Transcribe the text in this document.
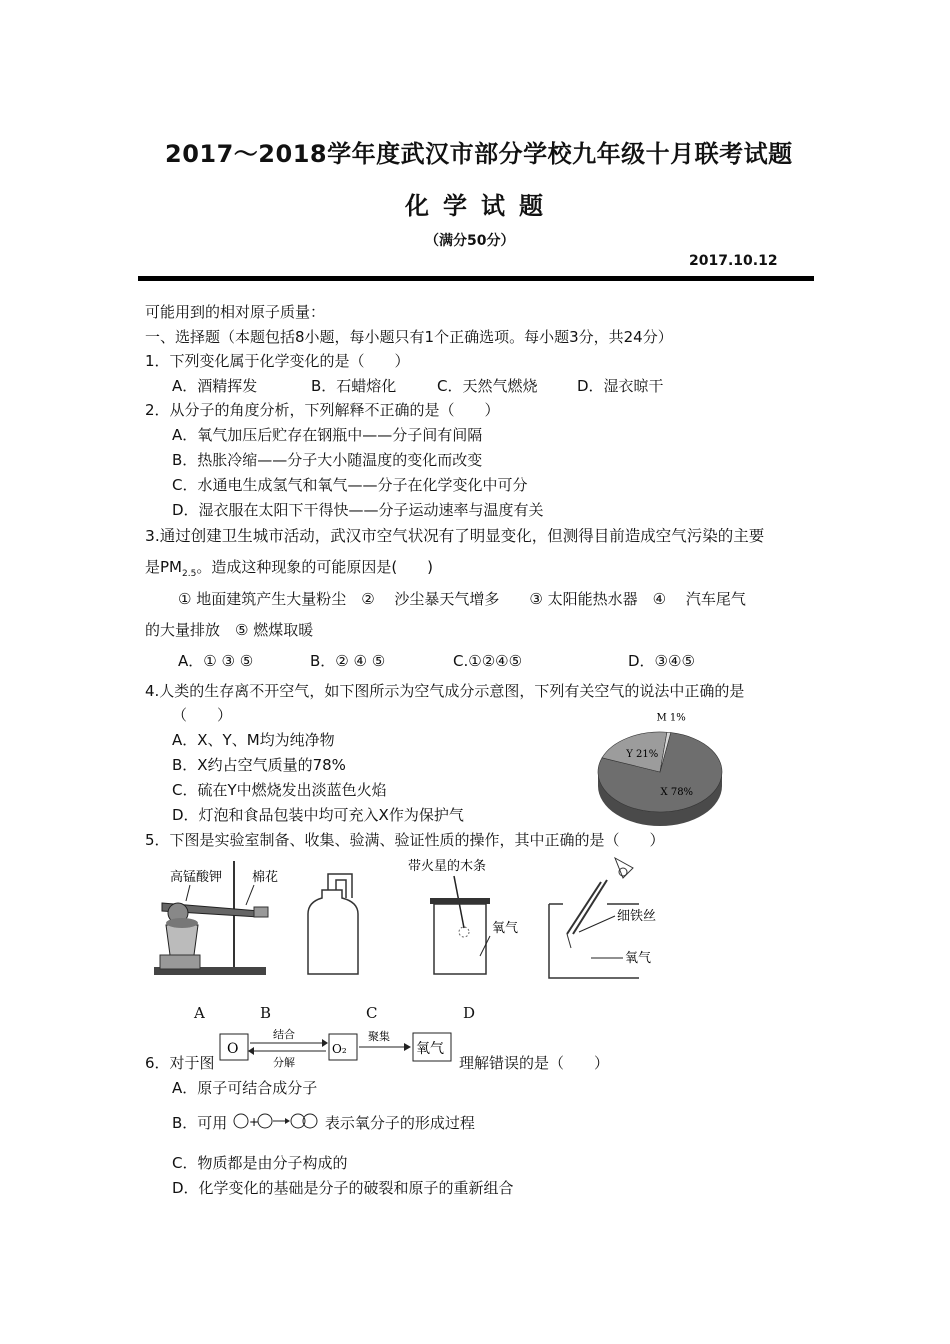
2017～2018学年度武汉市部分学校九年级十月联考试题
化学试题
（满分50分）
2017.10.12
可能用到的相对原子质量：
一、选择题（本题包括8小题，每小题只有1个正确选项。每小题3分，共24分）
1．下列变化属于化学变化的是（　　）
A．酒精挥发	B．石蜡熔化	C．天然气燃烧	D．湿衣晾干
2．从分子的角度分析，下列解释不正确的是（　　）
A．氧气加压后贮存在钢瓶中——分子间有间隔
B．热胀冷缩——分子大小随温度的变化而改变
C．水通电生成氢气和氧气——分子在化学变化中可分
D．湿衣服在太阳下干得快——分子运动速率与温度有关
3.通过创建卫生城市活动，武汉市空气状况有了明显变化，但测得目前造成空气污染的主要
是$PM_{2.5}$。造成这种现象的可能原因是(　　)
① 地面建筑产生大量粉尘　② 　沙尘暴天气增多　　③ 太阳能热水器　④　 汽车尾气
的大量排放　⑤ 燃煤取暖
A．① ③ ⑤	B．② ④ ⑤	C.①②④⑤	D．③④⑤
4.人类的生存离不开空气，如下图所示为空气成分示意图，下列有关空气的说法中正确的是
（　　）
A．X、Y、M均为纯净物
B．X约占空气质量的78%
C．硫在Y中燃烧发出淡蓝色火焰
D．灯泡和食品包装中均可充入X作为保护气
X 78%
Y 21%
M 1%
5．下图是实验室制备、收集、验满、验证性质的操作，其中正确的是（　　）
高锰酸钾 棉花
带火星的木条
氧气
细铁丝
氧气
A	B	C	D
6．对于图
O
结合
分解
O₂
聚集
氧气
理解错误的是（　　）
A．原子可结合成分子
B．可用 +	表示氧分子的形成过程
C．物质都是由分子构成的
D．化学变化的基础是分子的破裂和原子的重新组合
